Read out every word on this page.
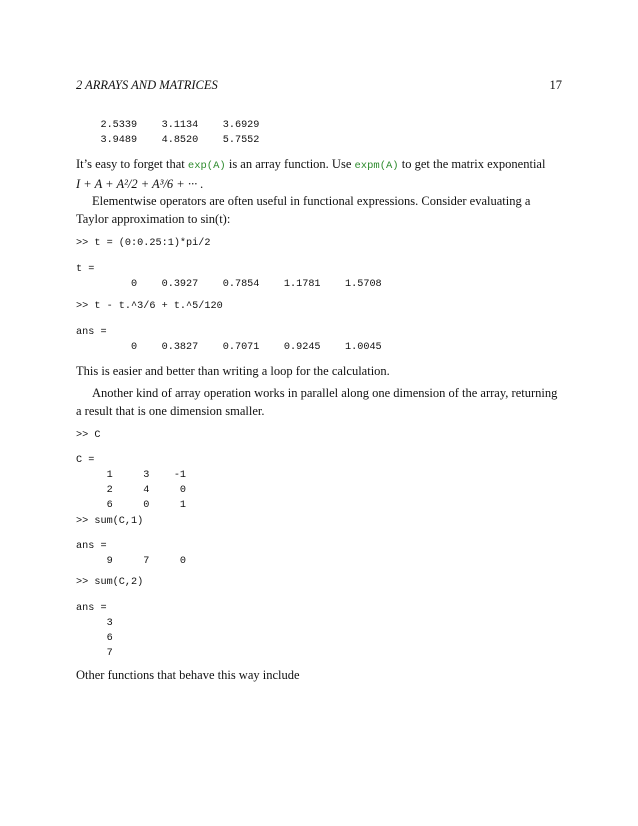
2 ARRAYS AND MATRICES	17
2.5339    3.1134    3.6929
3.9489    4.8520    5.7552

It’s easy to forget that exp(A) is an array function. Use expm(A) to get the matrix exponential
I + A + A²/2 + A³/6 + ··· .

Elementwise operators are often useful in functional expressions. Consider evaluating a Taylor approximation to sin(t):

>> t = (0:0.25:1)*pi/2
t =
0    0.3927    0.7854    1.1781    1.5708
>> t - t.^3/6 + t.^5/120
ans =
0    0.3827    0.7071    0.9245    1.0045

This is easier and better than writing a loop for the calculation.

Another kind of array operation works in parallel along one dimension of the array, returning a result that is one dimension smaller.

>> C
C =
1     3    -1
2     4     0
6     0     1
>> sum(C,1)
ans =
9     7     0
>> sum(C,2)
ans =
3
6
7

Other functions that behave this way include
